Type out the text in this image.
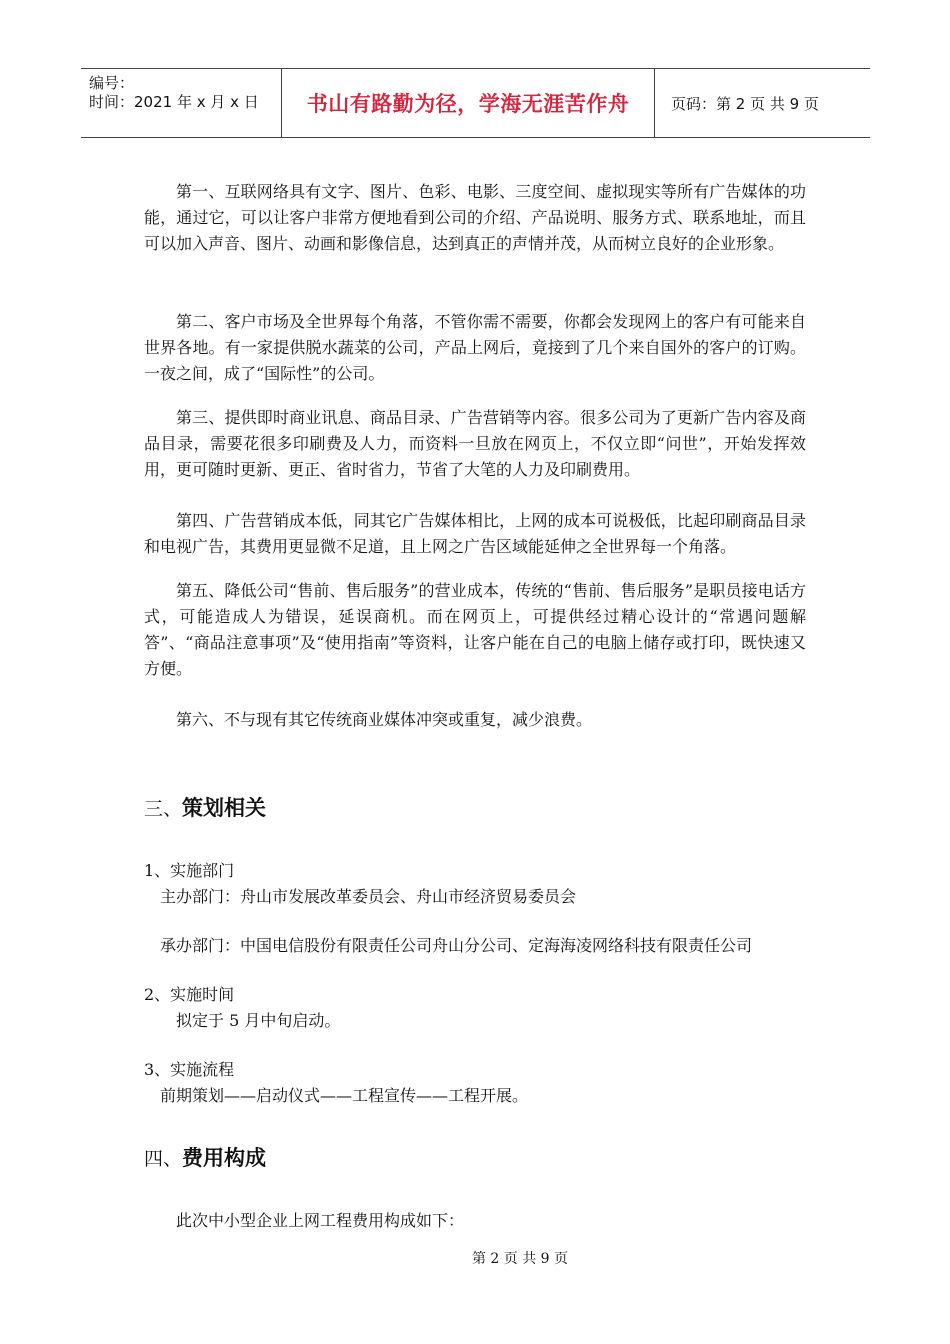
编号：
时间：2021 年 x 月 x 日 书山有路勤为径，学海无涯苦作舟	页码：第 2 页 共 9 页

第一、互联网络具有文字、图片、色彩、电影、三度空间、虚拟现实等所有广告媒体的功能，通过它，可以让客户非常方便地看到公司的介绍、产品说明、服务方式、联系地址，而且可以加入声音、图片、动画和影像信息，达到真正的声情并茂，从而树立良好的企业形象。

第二、客户市场及全世界每个角落，不管你需不需要，你都会发现网上的客户有可能来自世界各地。有一家提供脱水蔬菜的公司，产品上网后，竟接到了几个来自国外的客户的订购。一夜之间，成了“国际性”的公司。

第三、提供即时商业讯息、商品目录、广告营销等内容。很多公司为了更新广告内容及商品目录，需要花很多印刷费及人力，而资料一旦放在网页上，不仅立即“问世”，开始发挥效用，更可随时更新、更正、省时省力，节省了大笔的人力及印刷费用。

第四、广告营销成本低，同其它广告媒体相比，上网的成本可说极低，比起印刷商品目录和电视广告，其费用更显微不足道，且上网之广告区域能延伸之全世界每一个角落。

第五、降低公司“售前、售后服务”的营业成本，传统的“售前、售后服务”是职员接电话方式，可能造成人为错误，延误商机。而在网页上，可提供经过精心设计的“常遇问题解答”、“商品注意事项”及“使用指南”等资料，让客户能在自己的电脑上储存或打印，既快速又方便。

第六、不与现有其它传统商业媒体冲突或重复，减少浪费。

三、策划相关

1、实施部门

主办部门：舟山市发展改革委员会、舟山市经济贸易委员会

承办部门：中国电信股份有限责任公司舟山分公司、定海海凌网络科技有限责任公司

2、实施时间

拟定于 5 月中旬启动。

3、实施流程

前期策划——启动仪式——工程宣传——工程开展。

四、费用构成

此次中小型企业上网工程费用构成如下：

第 2 页 共 9 页
